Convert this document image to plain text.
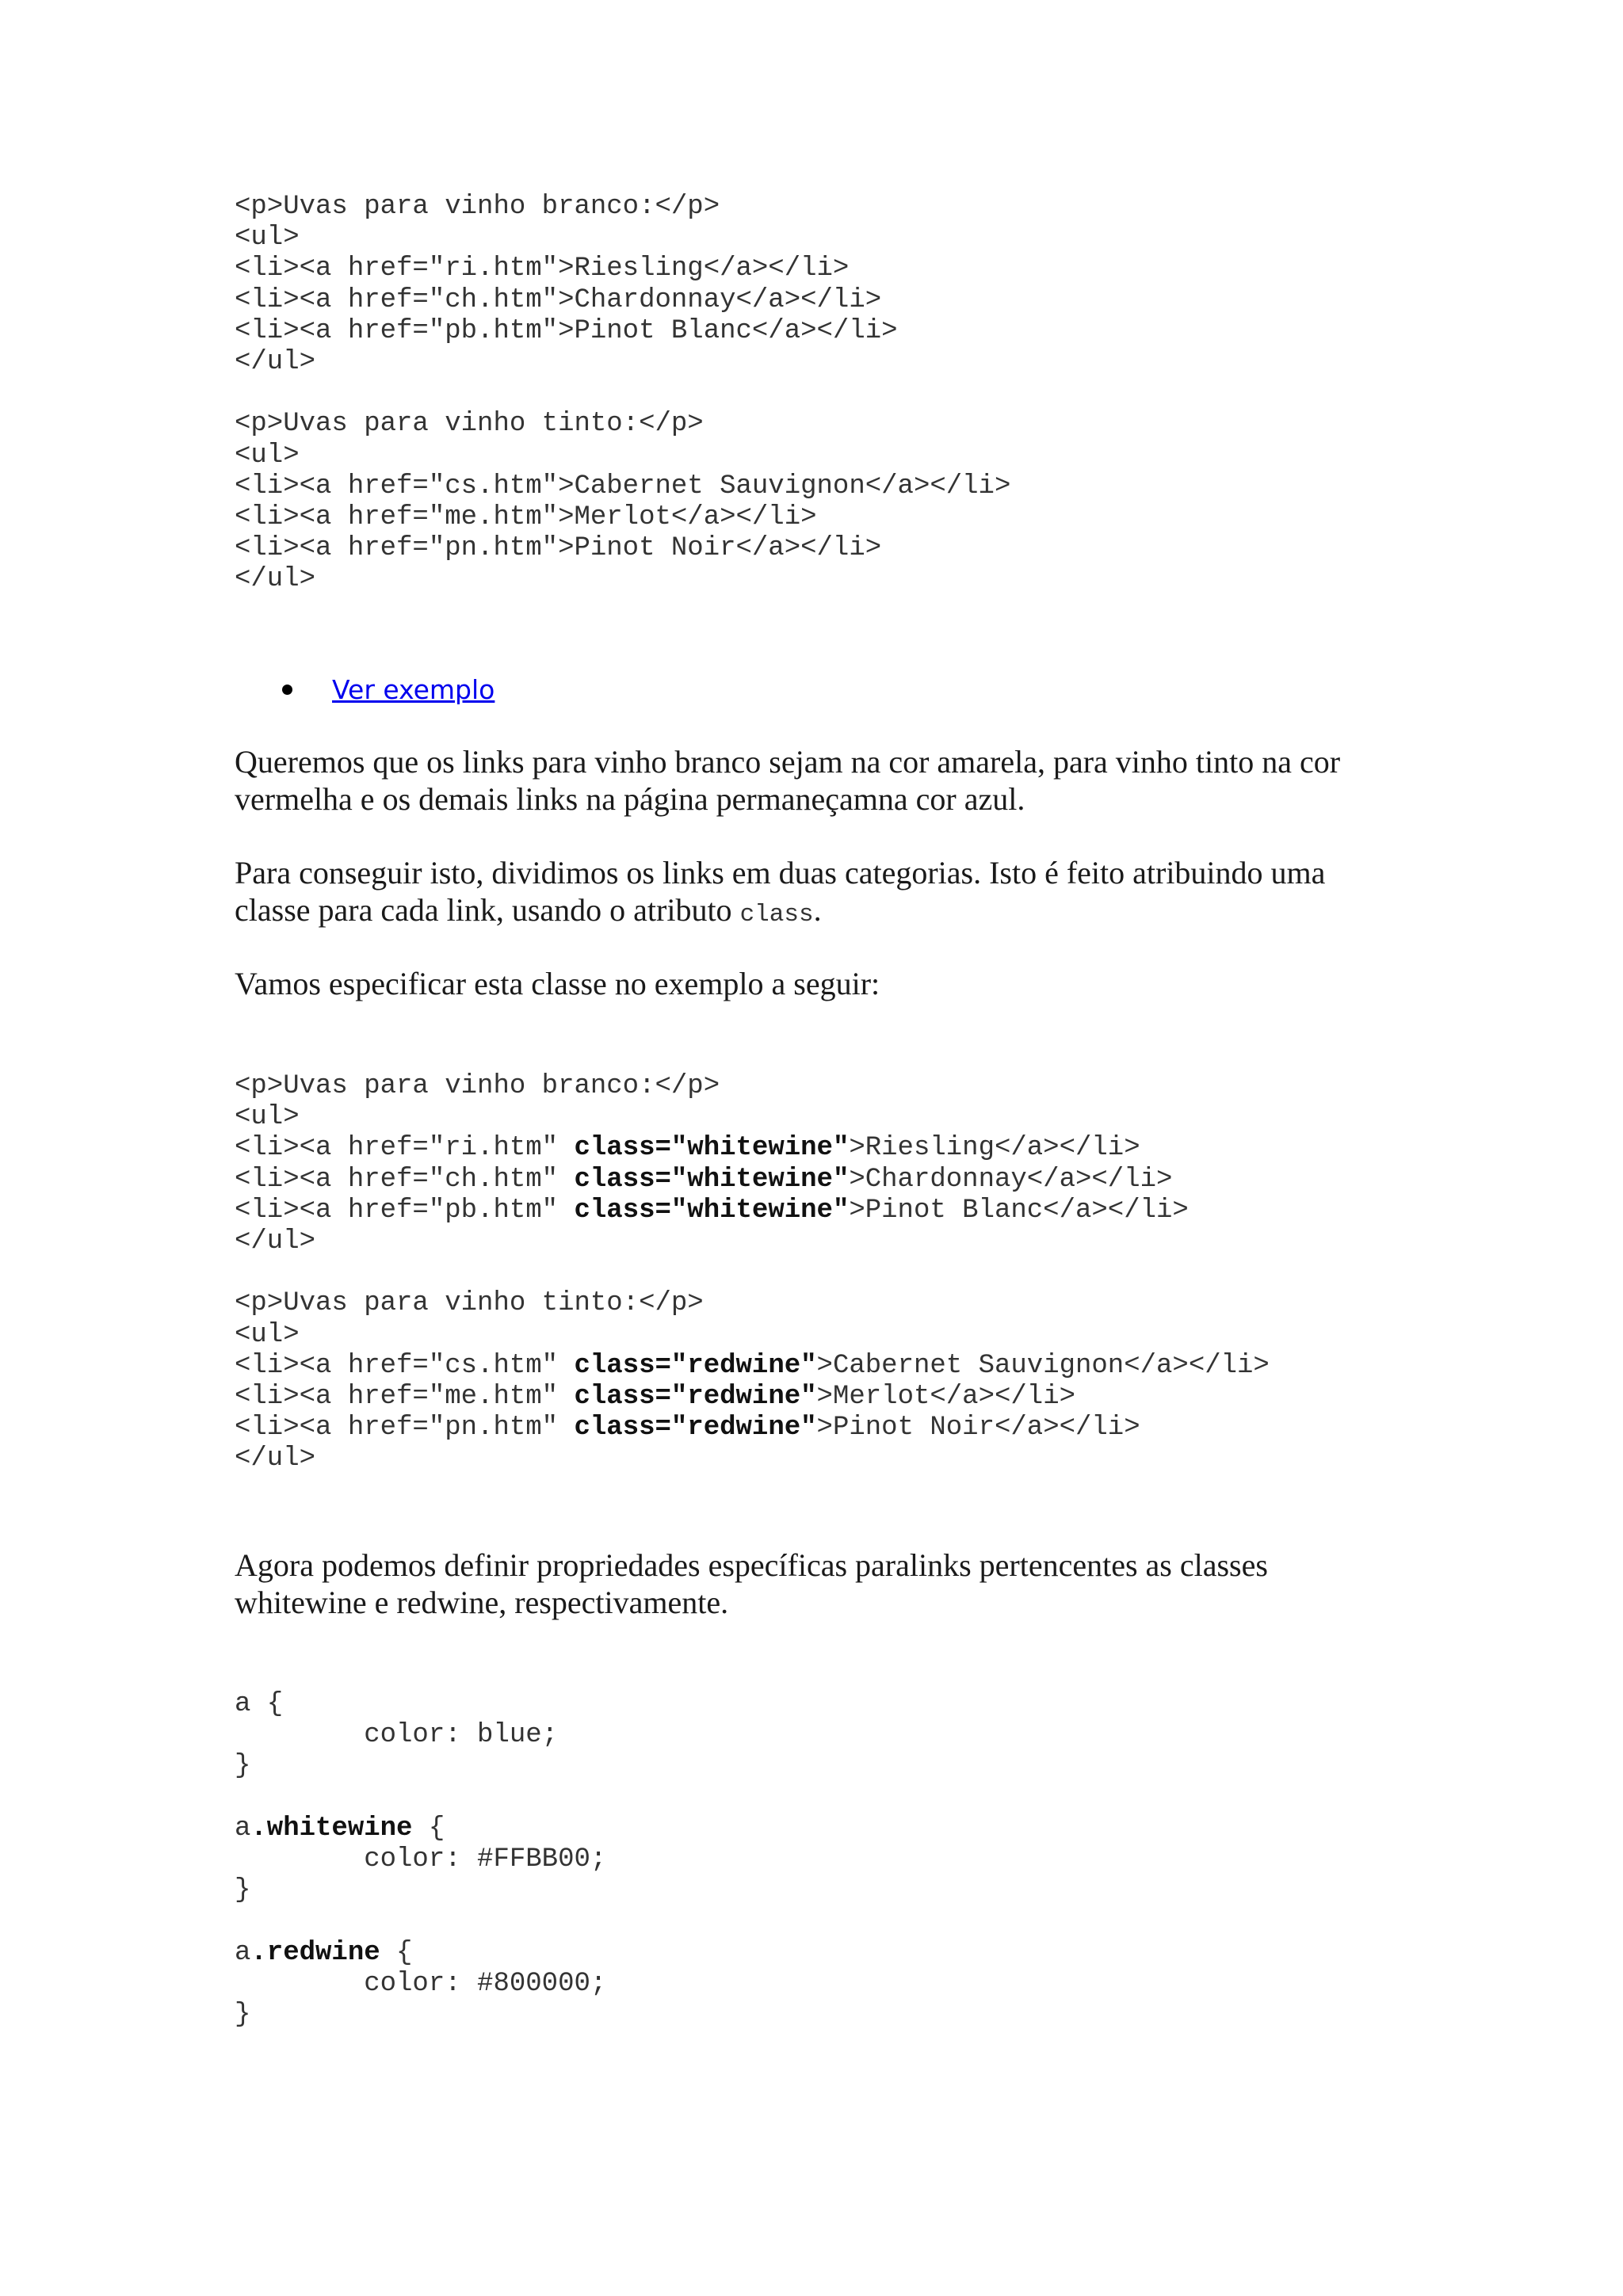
<p>Uvas para vinho branco:</p>
<ul>
<li><a href="ri.htm">Riesling</a></li>
<li><a href="ch.htm">Chardonnay</a></li>
<li><a href="pb.htm">Pinot Blanc</a></li>
</ul>
<p>Uvas para vinho tinto:</p>
<ul>
<li><a href="cs.htm">Cabernet Sauvignon</a></li>
<li><a href="me.htm">Merlot</a></li>
<li><a href="pn.htm">Pinot Noir</a></li>
</ul>
Ver exemplo

Queremos que os links para vinho branco sejam na cor amarela, para vinho tinto na cor vermelha e os demais links na página permaneçamna cor azul.

Para conseguir isto, dividimos os links em duas categorias. Isto é feito atribuindo uma classe para cada link, usando o atributo class.

Vamos especificar esta classe no exemplo a seguir:

<p>Uvas para vinho branco:</p>
<ul>
<li><a href="ri.htm" class="whitewine">Riesling</a></li>
<li><a href="ch.htm" class="whitewine">Chardonnay</a></li>
<li><a href="pb.htm" class="whitewine">Pinot Blanc</a></li>
</ul>
<p>Uvas para vinho tinto:</p>
<ul>
<li><a href="cs.htm" class="redwine">Cabernet Sauvignon</a></li>
<li><a href="me.htm" class="redwine">Merlot</a></li>
<li><a href="pn.htm" class="redwine">Pinot Noir</a></li>
</ul>

Agora podemos definir propriedades específicas paralinks pertencentes as classes whitewine e redwine, respectivamente.

a {
color: blue;
}
a.whitewine {
color: #FFBB00;
}
a.redwine {
color: #800000;
}
